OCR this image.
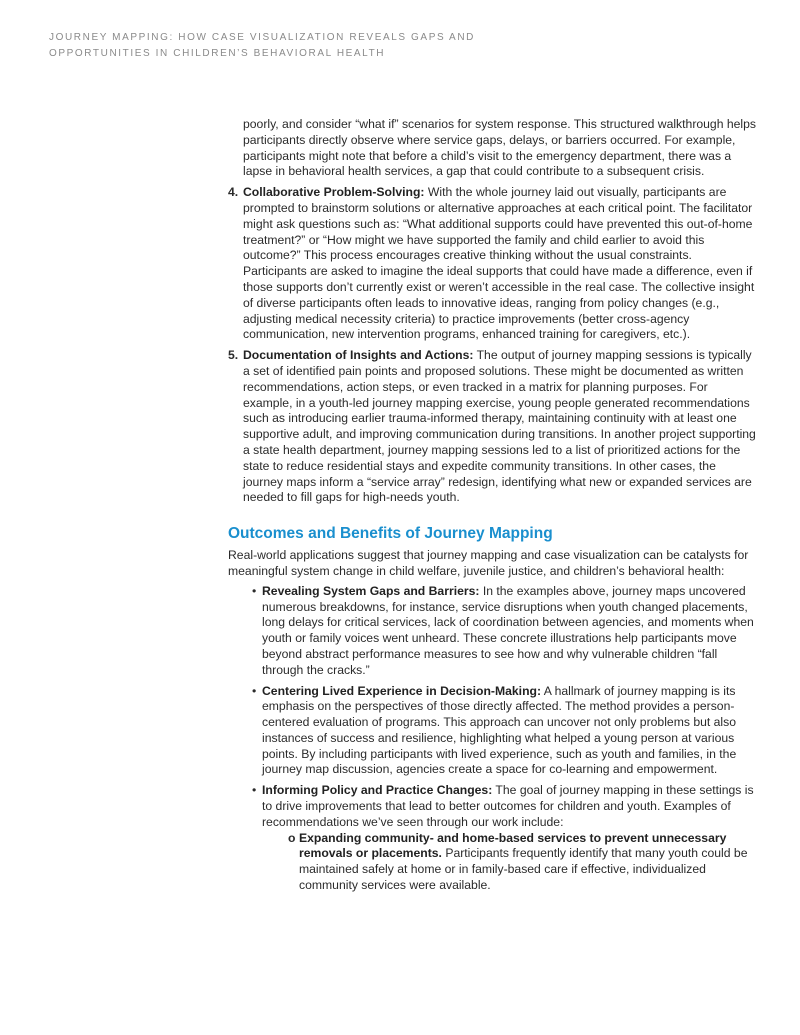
JOURNEY MAPPING: HOW CASE VISUALIZATION REVEALS GAPS AND
OPPORTUNITIES IN CHILDREN’S BEHAVIORAL HEALTH

poorly, and consider “what if” scenarios for system response. This structured walkthrough helps participants directly observe where service gaps, delays, or barriers occurred. For example, participants might note that before a child’s visit to the emergency department, there was a lapse in behavioral health services, a gap that could contribute to a subsequent crisis.

4. Collaborative Problem-Solving: With the whole journey laid out visually, participants are prompted to brainstorm solutions or alternative approaches at each critical point. The facilitator might ask questions such as: “What additional supports could have prevented this out-of-home treatment?” or “How might we have supported the family and child earlier to avoid this outcome?” This process encourages creative thinking without the usual constraints. Participants are asked to imagine the ideal supports that could have made a difference, even if those supports don’t currently exist or weren’t accessible in the real case. The collective insight of diverse participants often leads to innovative ideas, ranging from policy changes (e.g., adjusting medical necessity criteria) to practice improvements (better cross-agency communication, new intervention programs, enhanced training for caregivers, etc.).
5. Documentation of Insights and Actions: The output of journey mapping sessions is typically a set of identified pain points and proposed solutions. These might be documented as written recommendations, action steps, or even tracked in a matrix for planning purposes. For example, in a youth-led journey mapping exercise, young people generated recommendations such as introducing earlier trauma-informed therapy, maintaining continuity with at least one supportive adult, and improving communication during transitions. In another project supporting a state health department, journey mapping sessions led to a list of prioritized actions for the state to reduce residential stays and expedite community transitions. In other cases, the journey maps inform a “service array” redesign, identifying what new or expanded services are needed to fill gaps for high-needs youth.
Outcomes and Benefits of Journey Mapping

Real-world applications suggest that journey mapping and case visualization can be catalysts for meaningful system change in child welfare, juvenile justice, and children’s behavioral health:

• Revealing System Gaps and Barriers: In the examples above, journey maps uncovered numerous breakdowns, for instance, service disruptions when youth changed placements, long delays for critical services, lack of coordination between agencies, and moments when youth or family voices went unheard. These concrete illustrations help participants move beyond abstract performance measures to see how and why vulnerable children “fall through the cracks.”
• Centering Lived Experience in Decision-Making: A hallmark of journey mapping is its emphasis on the perspectives of those directly affected. The method provides a person-centered evaluation of programs. This approach can uncover not only problems but also instances of success and resilience, highlighting what helped a young person at various points. By including participants with lived experience, such as youth and families, in the journey map discussion, agencies create a space for co-learning and empowerment.
• Informing Policy and Practice Changes: The goal of journey mapping in these settings is to drive improvements that lead to better outcomes for children and youth. Examples of recommendations we’ve seen through our work include:
o Expanding community- and home-based services to prevent unnecessary removals or placements. Participants frequently identify that many youth could be maintained safely at home or in family-based care if effective, individualized community services were available.
